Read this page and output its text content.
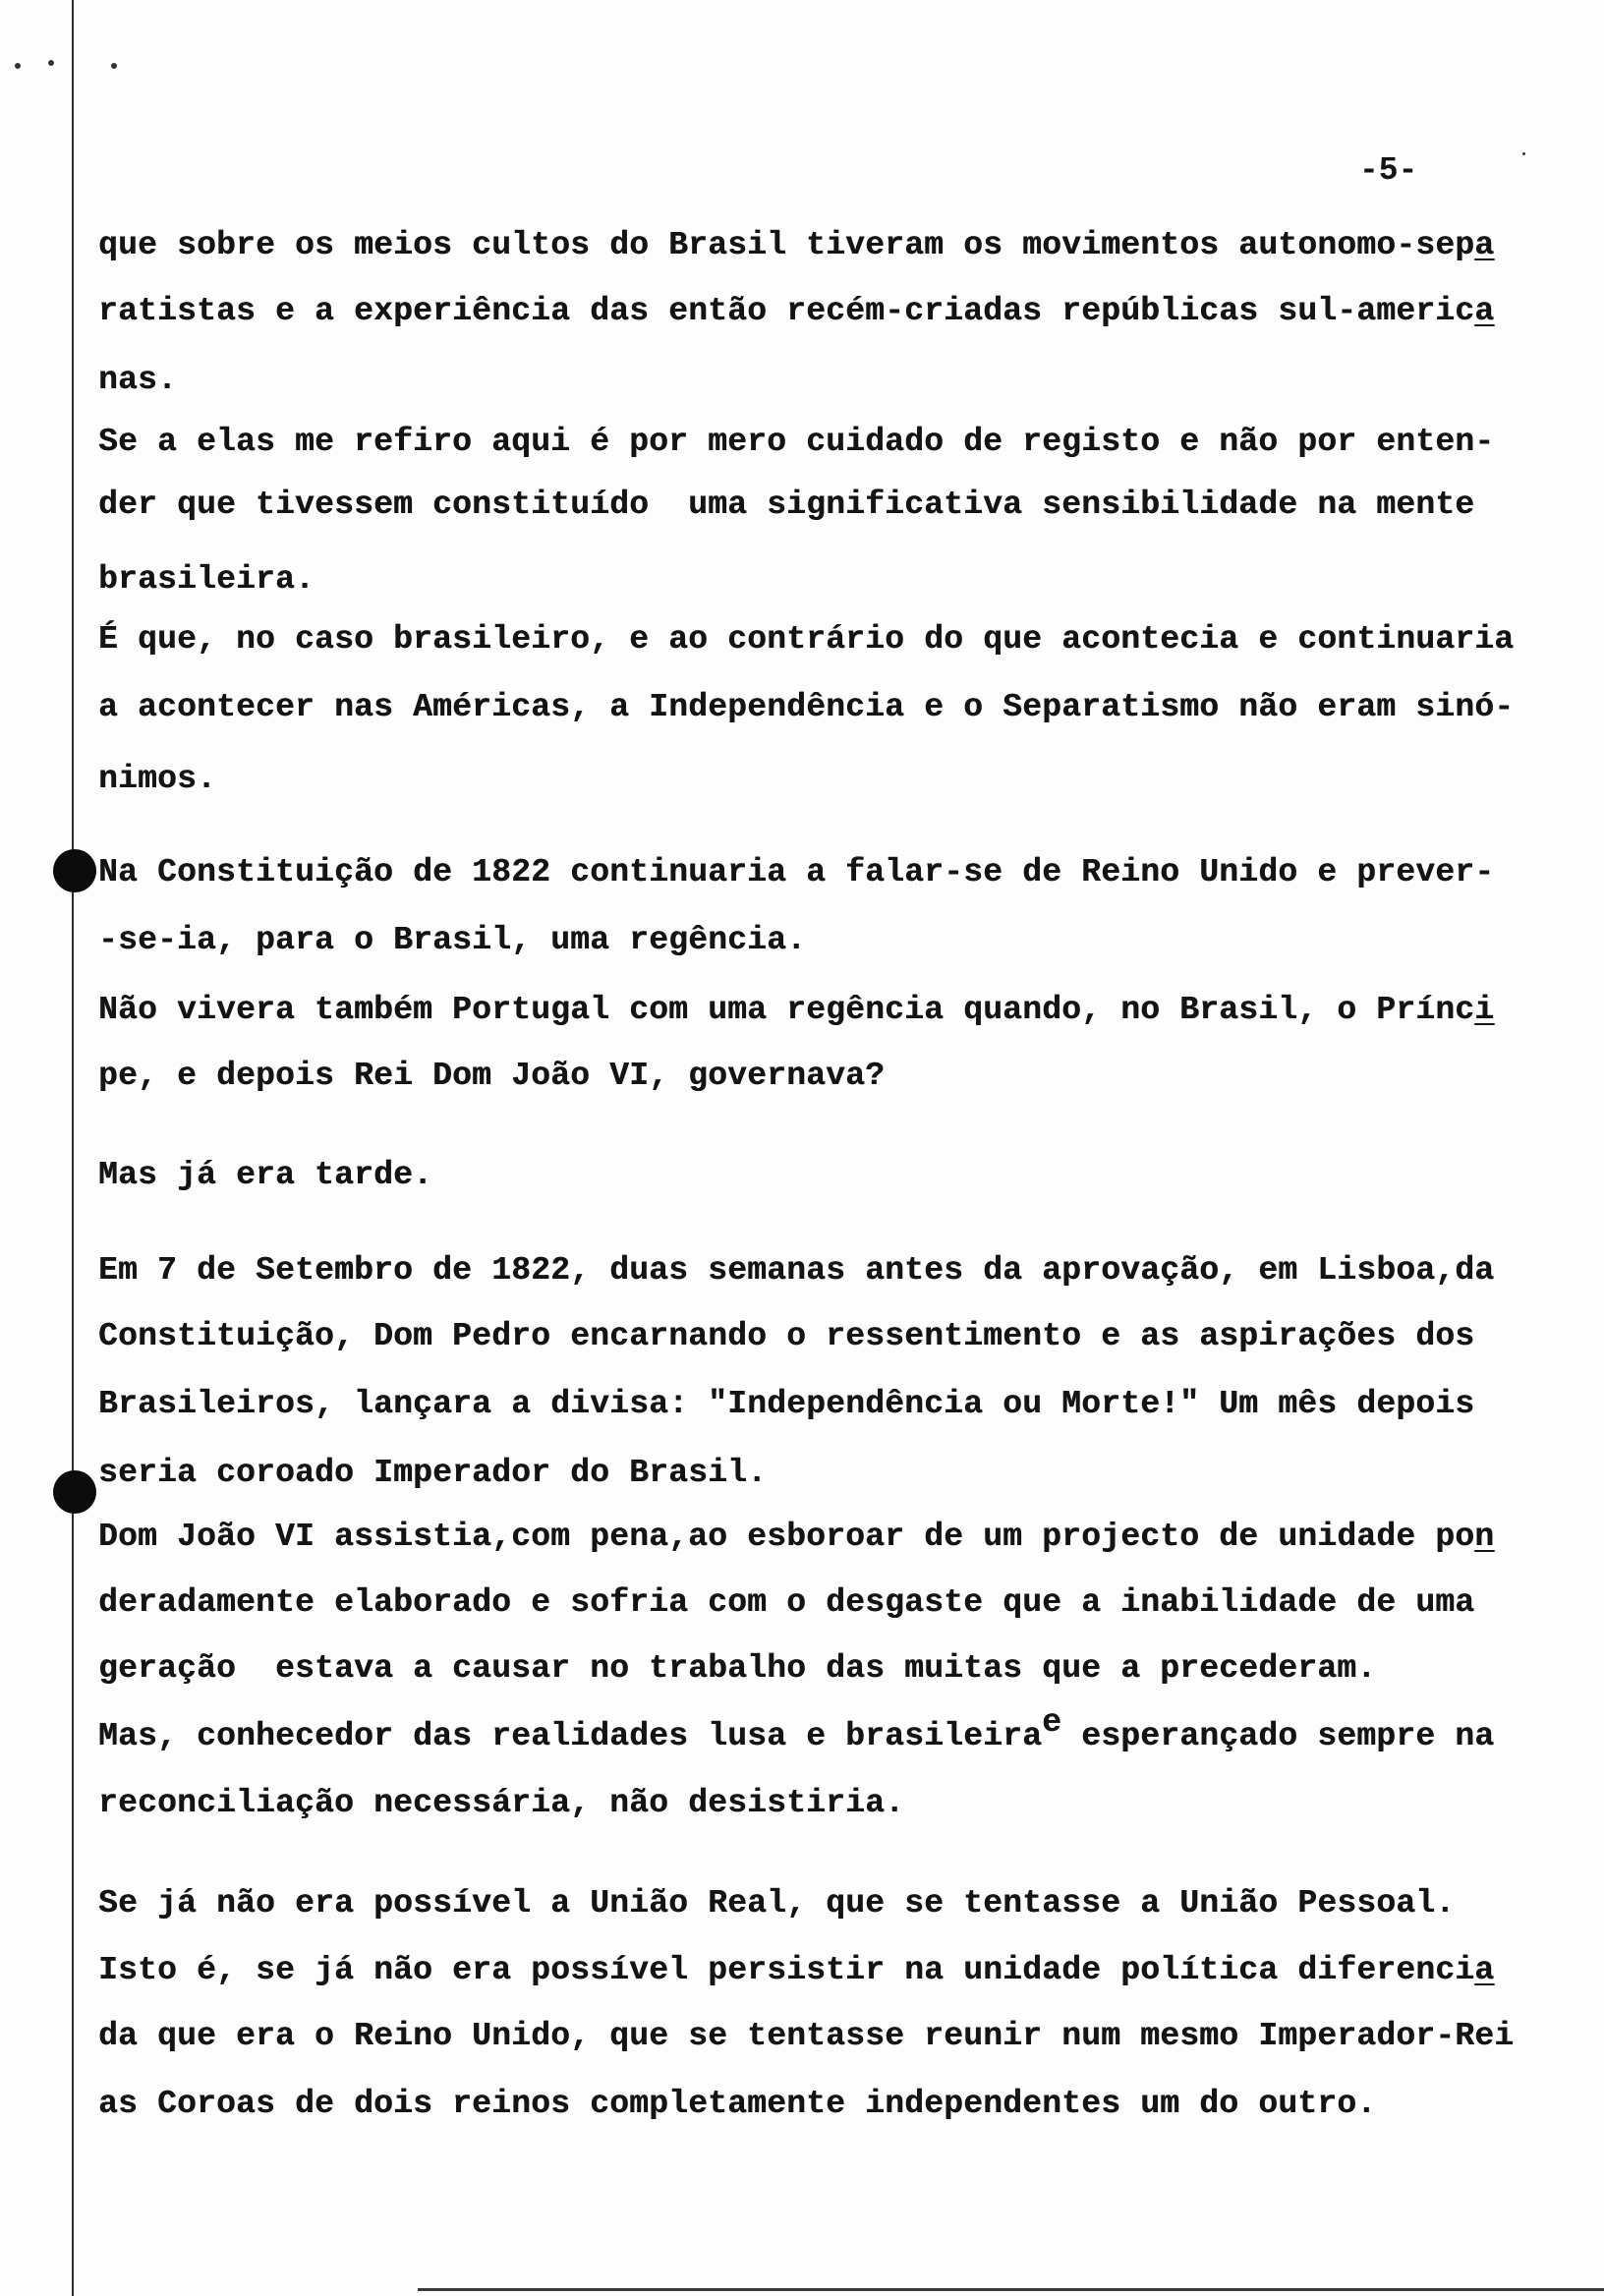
-5-
que sobre os meios cultos do Brasil tiveram os movimentos autonomo-sepa
ratistas e a experiência das então recém-criadas repúblicas sul-america
nas.
Se a elas me refiro aqui é por mero cuidado de registo e não por enten-
der que tivessem constituído  uma significativa sensibilidade na mente
brasileira.
É que, no caso brasileiro, e ao contrário do que acontecia e continuaria
a acontecer nas Américas, a Independência e o Separatismo não eram sinó-
nimos.
Na Constituição de 1822 continuaria a falar-se de Reino Unido e prever-
-se-ia, para o Brasil, uma regência.
Não vivera também Portugal com uma regência quando, no Brasil, o Prínci
pe, e depois Rei Dom João VI, governava?
Mas já era tarde.
Em 7 de Setembro de 1822, duas semanas antes da aprovação, em Lisboa,da
Constituição, Dom Pedro encarnando o ressentimento e as aspirações dos
Brasileiros, lançara a divisa: "Independência ou Morte!" Um mês depois
seria coroado Imperador do Brasil.
Dom João VI assistia,com pena,ao esboroar de um projecto de unidade pon
deradamente elaborado e sofria com o desgaste que a inabilidade de uma
geração  estava a causar no trabalho das muitas que a precederam.
Mas, conhecedor das realidades lusa e brasileirae esperançado sempre na
reconciliação necessária, não desistiria.
Se já não era possível a União Real, que se tentasse a União Pessoal.
Isto é, se já não era possível persistir na unidade política diferencia
da que era o Reino Unido, que se tentasse reunir num mesmo Imperador-Rei
as Coroas de dois reinos completamente independentes um do outro.
